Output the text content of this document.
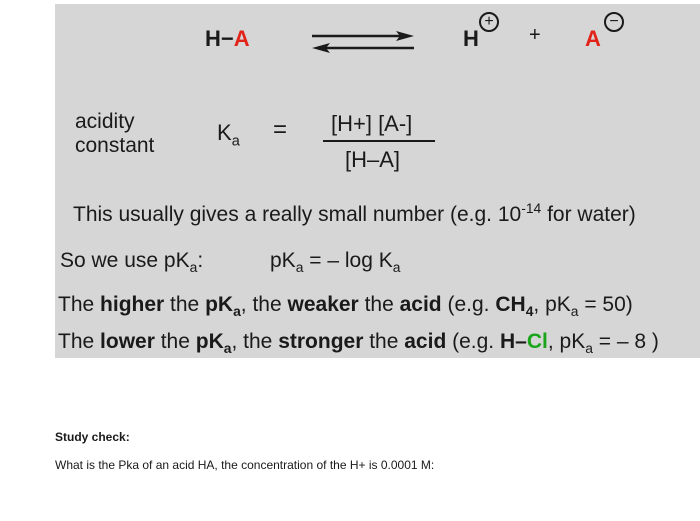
H−A	H
+
+ A
−
acidity
constant
$K_a = [H+]$ [A-]
[H–A]
This usually gives a really small number (e.g. $10^{-14}$ for water)
So we use $pK_a$:	$pK_a$ = – $\log K_a$
The higher the $pK_a$, the weaker the acid (e.g. $CH_4$, $pK_a = 50$)
The lower the $pK_a$, the stronger the acid (e.g. H–Cl, $pK_a$ = – 8 )
Study check:
What is the Pka of an acid HA, the concentration of the H+ is 0.0001 M:
